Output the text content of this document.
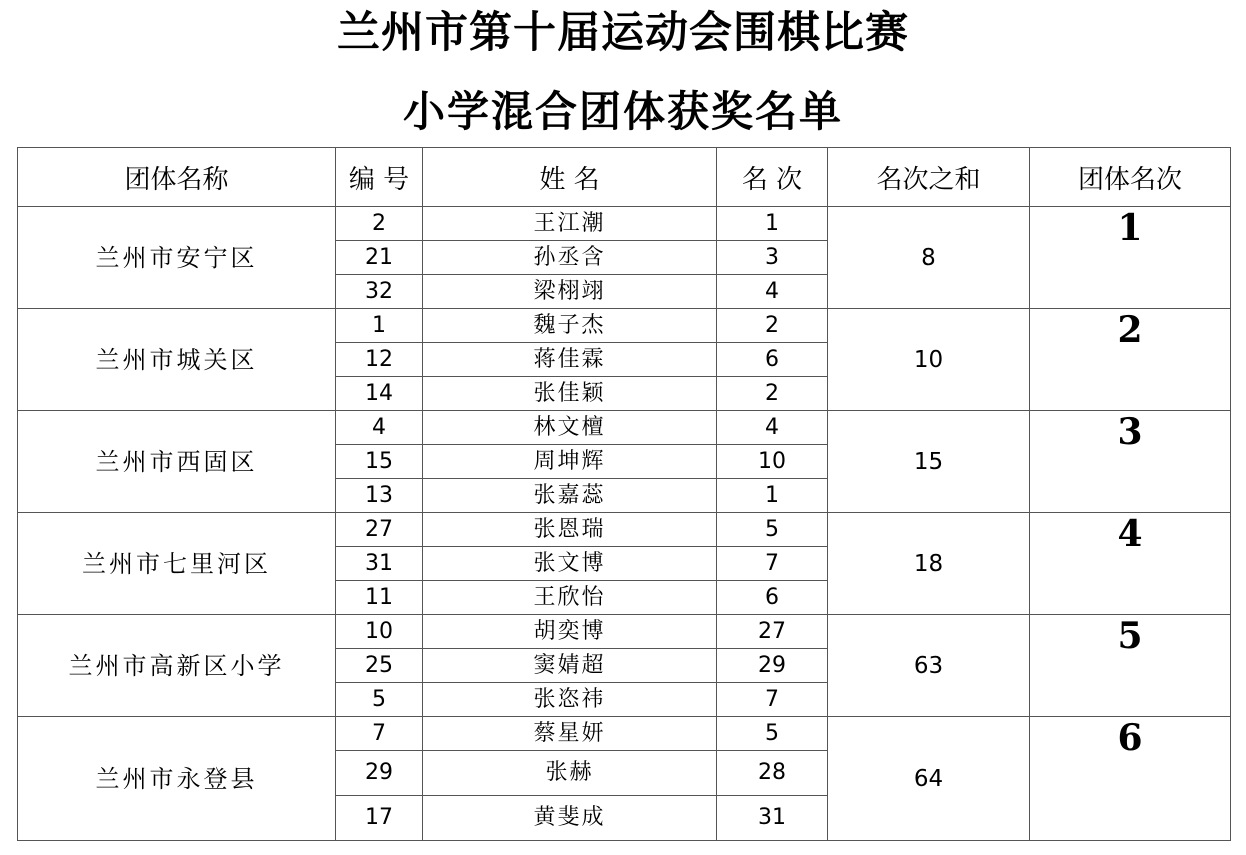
兰州市第十届运动会围棋比赛
小学混合团体获奖名单
团体名称	编 号	姓 名	名 次	名次之和	团体名次
兰州市安宁区	2	王江潮	1	8	1
	21	孙丞含	3		
	32	梁栩翊	4		
兰州市城关区	1	魏子杰	2	10	2
	12	蒋佳霖	6		
	14	张佳颖	2		
兰州市西固区	4	林文檀	4	15	3
	15	周坤辉	10		
	13	张嘉蕊	1		
兰州市七里河区	27	张恩瑞	5	18	4
	31	张文博	7		
	11	王欣怡	6		
兰州市高新区小学	10	胡奕博	27	63	5
	25	窦婧超	29		
	5	张恣祎	7		
兰州市永登县	7	蔡星妍	5	64	6
	29	张赫	28		
	17	黄斐成	31		
